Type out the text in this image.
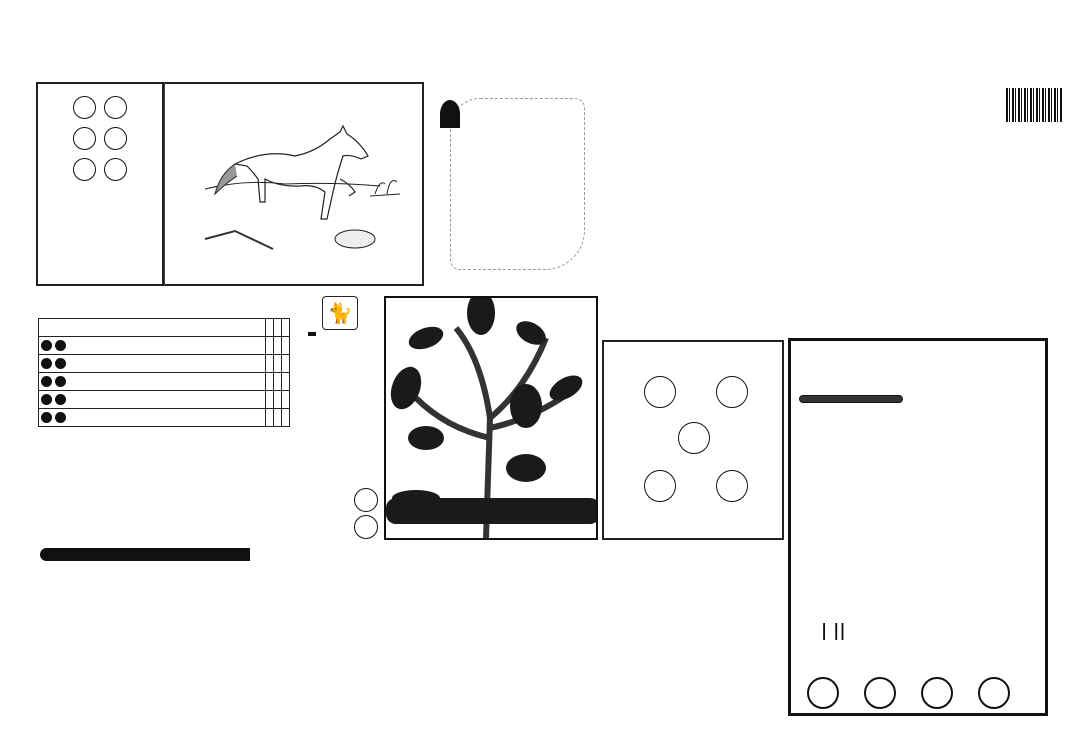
🐈
| ||
